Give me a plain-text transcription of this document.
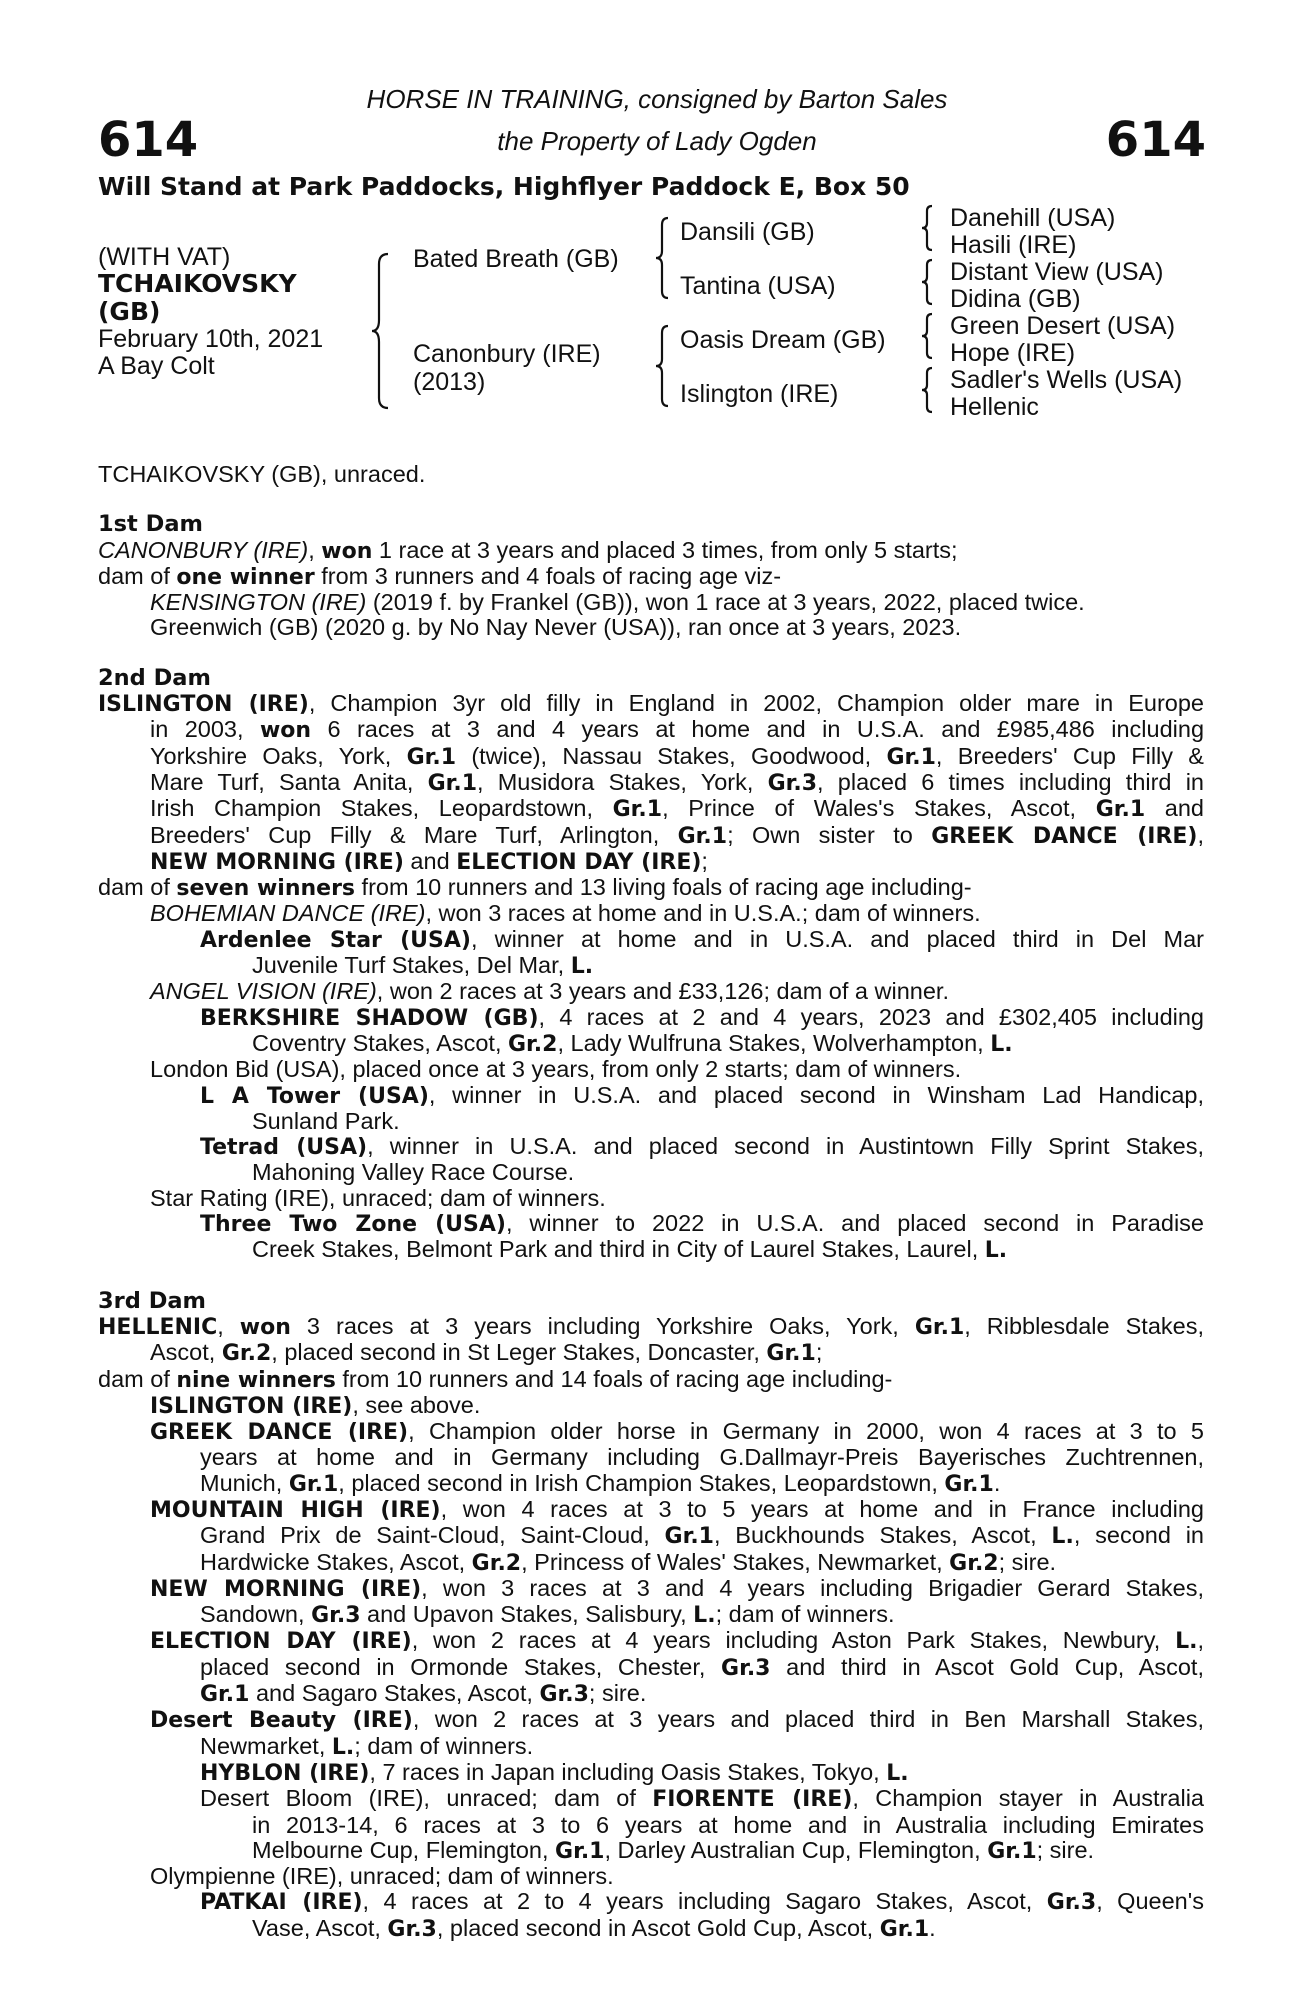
614	614
HORSE IN TRAINING, consigned by Barton Sales
the Property of Lady Ogden
Will Stand at Park Paddocks, Highflyer Paddock E, Box 50
(WITH VAT)
TCHAIKOVSKY
(GB)
February 10th, 2021
A Bay Colt
Bated Breath (GB)
Canonbury (IRE)
(2013)
Dansili (GB)
Tantina (USA)
Oasis Dream (GB)
Islington (IRE)
Danehill (USA)
Hasili (IRE)
Distant View (USA)
Didina (GB)
Green Desert (USA)
Hope (IRE)
Sadler's Wells (USA)
Hellenic
TCHAIKOVSKY (GB), unraced.
1st Dam
CANONBURY (IRE), won 1 race at 3 years and placed 3 times, from only 5 starts;
dam of one winner from 3 runners and 4 foals of racing age viz-
KENSINGTON (IRE) (2019 f. by Frankel (GB)), won 1 race at 3 years, 2022, placed twice.
Greenwich (GB) (2020 g. by No Nay Never (USA)), ran once at 3 years, 2023.
2nd Dam
ISLINGTON (IRE), Champion 3yr old filly in England in 2002, Champion older mare in Europe
in 2003, won 6 races at 3 and 4 years at home and in U.S.A. and £985,486 including
Yorkshire Oaks, York, Gr.1 (twice), Nassau Stakes, Goodwood, Gr.1, Breeders' Cup Filly &
Mare Turf, Santa Anita, Gr.1, Musidora Stakes, York, Gr.3, placed 6 times including third in
Irish Champion Stakes, Leopardstown, Gr.1, Prince of Wales's Stakes, Ascot, Gr.1 and
Breeders' Cup Filly & Mare Turf, Arlington, Gr.1; Own sister to GREEK DANCE (IRE),
NEW MORNING (IRE) and ELECTION DAY (IRE);
dam of seven winners from 10 runners and 13 living foals of racing age including-
BOHEMIAN DANCE (IRE), won 3 races at home and in U.S.A.; dam of winners.
Ardenlee Star (USA), winner at home and in U.S.A. and placed third in Del Mar
Juvenile Turf Stakes, Del Mar, L.
ANGEL VISION (IRE), won 2 races at 3 years and £33,126; dam of a winner.
BERKSHIRE SHADOW (GB), 4 races at 2 and 4 years, 2023 and £302,405 including
Coventry Stakes, Ascot, Gr.2, Lady Wulfruna Stakes, Wolverhampton, L.
London Bid (USA), placed once at 3 years, from only 2 starts; dam of winners.
L A Tower (USA), winner in U.S.A. and placed second in Winsham Lad Handicap,
Sunland Park.
Tetrad (USA), winner in U.S.A. and placed second in Austintown Filly Sprint Stakes,
Mahoning Valley Race Course.
Star Rating (IRE), unraced; dam of winners.
Three Two Zone (USA), winner to 2022 in U.S.A. and placed second in Paradise
Creek Stakes, Belmont Park and third in City of Laurel Stakes, Laurel, L.
3rd Dam
HELLENIC, won 3 races at 3 years including Yorkshire Oaks, York, Gr.1, Ribblesdale Stakes,
Ascot, Gr.2, placed second in St Leger Stakes, Doncaster, Gr.1;
dam of nine winners from 10 runners and 14 foals of racing age including-
ISLINGTON (IRE), see above.
GREEK DANCE (IRE), Champion older horse in Germany in 2000, won 4 races at 3 to 5
years at home and in Germany including G.Dallmayr-Preis Bayerisches Zuchtrennen,
Munich, Gr.1, placed second in Irish Champion Stakes, Leopardstown, Gr.1.
MOUNTAIN HIGH (IRE), won 4 races at 3 to 5 years at home and in France including
Grand Prix de Saint-Cloud, Saint-Cloud, Gr.1, Buckhounds Stakes, Ascot, L., second in
Hardwicke Stakes, Ascot, Gr.2, Princess of Wales' Stakes, Newmarket, Gr.2; sire.
NEW MORNING (IRE), won 3 races at 3 and 4 years including Brigadier Gerard Stakes,
Sandown, Gr.3 and Upavon Stakes, Salisbury, L.; dam of winners.
ELECTION DAY (IRE), won 2 races at 4 years including Aston Park Stakes, Newbury, L.,
placed second in Ormonde Stakes, Chester, Gr.3 and third in Ascot Gold Cup, Ascot,
Gr.1 and Sagaro Stakes, Ascot, Gr.3; sire.
Desert Beauty (IRE), won 2 races at 3 years and placed third in Ben Marshall Stakes,
Newmarket, L.; dam of winners.
HYBLON (IRE), 7 races in Japan including Oasis Stakes, Tokyo, L.
Desert Bloom (IRE), unraced; dam of FIORENTE (IRE), Champion stayer in Australia
in 2013-14, 6 races at 3 to 6 years at home and in Australia including Emirates
Melbourne Cup, Flemington, Gr.1, Darley Australian Cup, Flemington, Gr.1; sire.
Olympienne (IRE), unraced; dam of winners.
PATKAI (IRE), 4 races at 2 to 4 years including Sagaro Stakes, Ascot, Gr.3, Queen's
Vase, Ascot, Gr.3, placed second in Ascot Gold Cup, Ascot, Gr.1.
